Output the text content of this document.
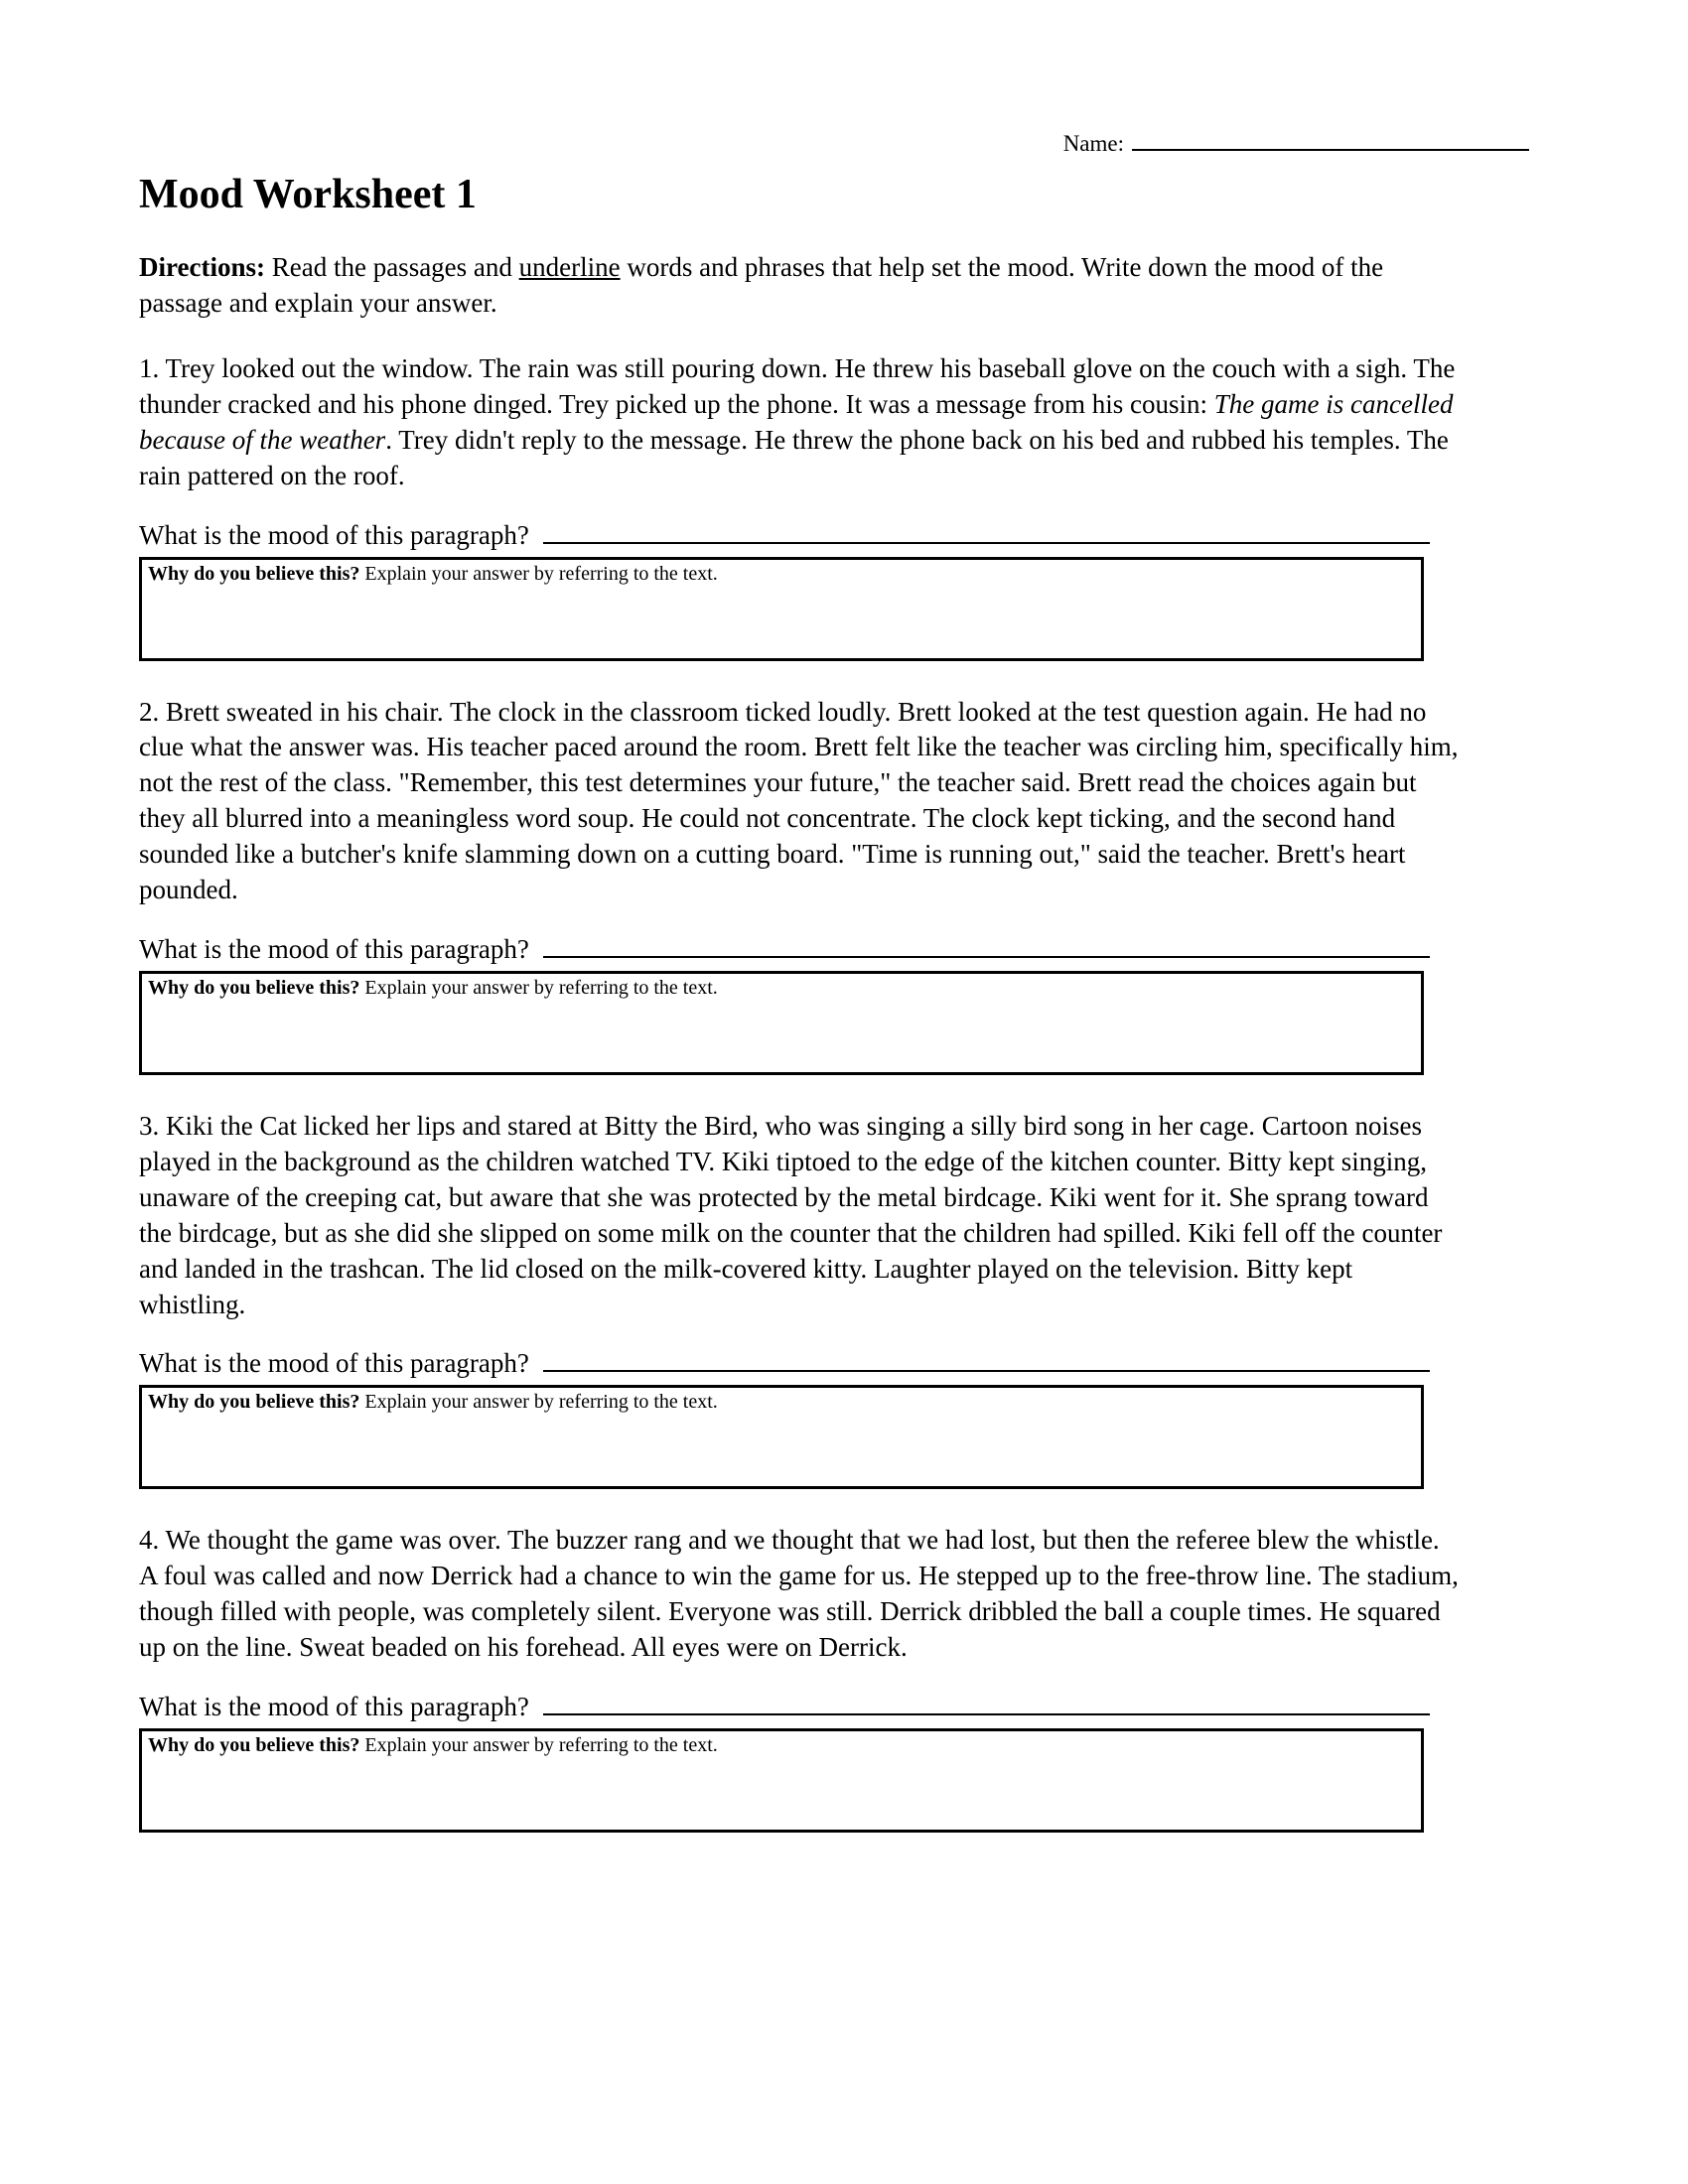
Name:
Mood Worksheet 1
Directions: Read the passages and underline words and phrases that help set the mood. Write down the mood of the passage and explain your answer.
1. Trey looked out the window. The rain was still pouring down. He threw his baseball glove on the couch with a sigh. The thunder cracked and his phone dinged. Trey picked up the phone. It was a message from his cousin: The game is cancelled because of the weather. Trey didn't reply to the message. He threw the phone back on his bed and rubbed his temples. The rain pattered on the roof.
What is the mood of this paragraph?
Why do you believe this? Explain your answer by referring to the text.
2. Brett sweated in his chair. The clock in the classroom ticked loudly. Brett looked at the test question again. He had no clue what the answer was. His teacher paced around the room. Brett felt like the teacher was circling him, specifically him, not the rest of the class. "Remember, this test determines your future," the teacher said. Brett read the choices again but they all blurred into a meaningless word soup. He could not concentrate. The clock kept ticking, and the second hand sounded like a butcher's knife slamming down on a cutting board. "Time is running out," said the teacher. Brett's heart pounded.
What is the mood of this paragraph?
Why do you believe this? Explain your answer by referring to the text.
3. Kiki the Cat licked her lips and stared at Bitty the Bird, who was singing a silly bird song in her cage. Cartoon noises played in the background as the children watched TV. Kiki tiptoed to the edge of the kitchen counter. Bitty kept singing, unaware of the creeping cat, but aware that she was protected by the metal birdcage. Kiki went for it. She sprang toward the birdcage, but as she did she slipped on some milk on the counter that the children had spilled. Kiki fell off the counter and landed in the trashcan. The lid closed on the milk-covered kitty. Laughter played on the television. Bitty kept whistling.
What is the mood of this paragraph?
Why do you believe this? Explain your answer by referring to the text.
4. We thought the game was over. The buzzer rang and we thought that we had lost, but then the referee blew the whistle. A foul was called and now Derrick had a chance to win the game for us. He stepped up to the free-throw line. The stadium, though filled with people, was completely silent. Everyone was still. Derrick dribbled the ball a couple times. He squared up on the line. Sweat beaded on his forehead. All eyes were on Derrick.
What is the mood of this paragraph?
Why do you believe this? Explain your answer by referring to the text.
